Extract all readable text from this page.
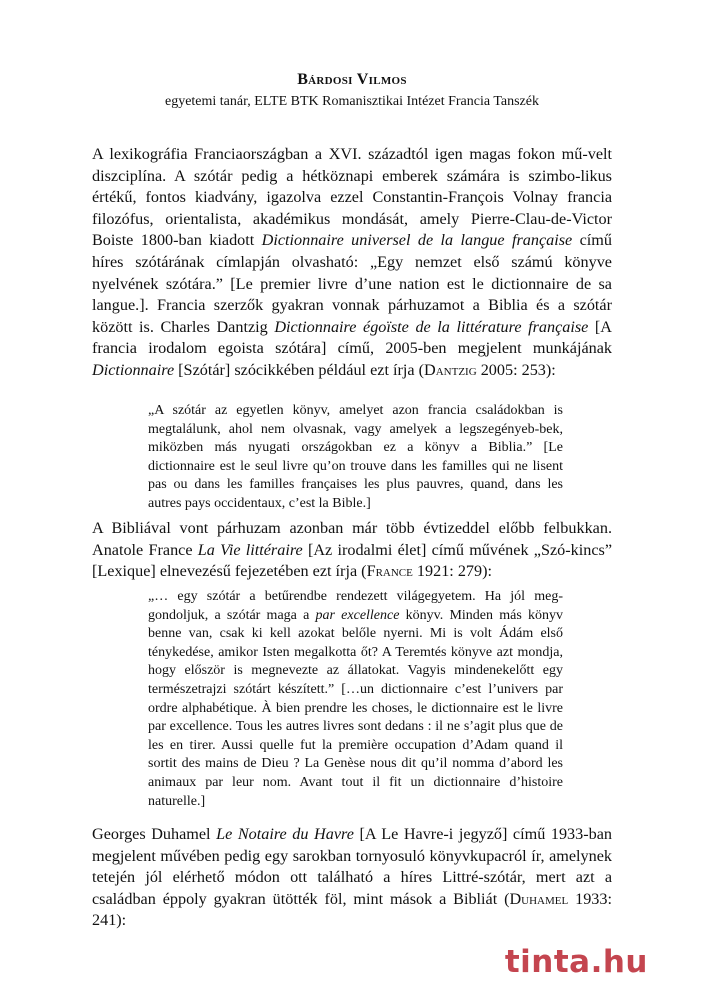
Bárdosi Vilmos
egyetemi tanár, ELTE BTK Romanisztikai Intézet Francia Tanszék

A lexikográfia Franciaországban a XVI. századtól igen magas fokon mű-velt diszciplína. A szótár pedig a hétköznapi emberek számára is szimbo-likus értékű, fontos kiadvány, igazolva ezzel Constantin-François Volnay francia filozófus, orientalista, akadémikus mondását, amely Pierre-Clau-de-Victor Boiste 1800-ban kiadott Dictionnaire universel de la langue française című híres szótárának címlapján olvasható: „Egy nemzet első számú könyve nyelvének szótára.” [Le premier livre d’une nation est le dictionnaire de sa langue.]. Francia szerzők gyakran vonnak párhuzamot a Biblia és a szótár között is. Charles Dantzig Dictionnaire égoïste de la littérature française [A francia irodalom egoista szótára] című, 2005-ben megjelent munkájának Dictionnaire [Szótár] szócikkében például ezt írja (Dantzig 2005: 253):

„A szótár az egyetlen könyv, amelyet azon francia családokban is megtalálunk, ahol nem olvasnak, vagy amelyek a legszegényeb-bek, miközben más nyugati országokban ez a könyv a Biblia.” [Le dictionnaire est le seul livre qu’on trouve dans les familles qui ne lisent pas ou dans les familles françaises les plus pauvres, quand, dans les autres pays occidentaux, c’est la Bible.]

A Bibliával vont párhuzam azonban már több évtizeddel előbb felbukkan. Anatole France La Vie littéraire [Az irodalmi élet] című művének „Szó-kincs” [Lexique] elnevezésű fejezetében ezt írja (France 1921: 279):

„… egy szótár a betűrendbe rendezett világegyetem. Ha jól meg-gondoljuk, a szótár maga a par excellence könyv. Minden más könyv benne van, csak ki kell azokat belőle nyerni. Mi is volt Ádám első ténykedése, amikor Isten megalkotta őt? A Teremtés könyve azt mondja, hogy először is megnevezte az állatokat. Vagyis mindenekelőtt egy természetrajzi szótárt készített.” […un dictionnaire c’est l’univers par ordre alphabétique. À bien prendre les choses, le dictionnaire est le livre par excellence. Tous les autres livres sont dedans : il ne s’agit plus que de les en tirer. Aussi quelle fut la première occupation d’Adam quand il sortit des mains de Dieu ? La Genèse nous dit qu’il nomma d’abord les animaux par leur nom. Avant tout il fit un dictionnaire d’histoire naturelle.]

Georges Duhamel Le Notaire du Havre [A Le Havre-i jegyző] című 1933-ban megjelent művében pedig egy sarokban tornyosuló könyvkupacról ír, amelynek tetején jól elérhető módon ott található a híres Littré-szótár, mert azt a családban éppoly gyakran ütötték föl, mint mások a Bibliát (Duhamel 1933: 241):

tinta.hu
